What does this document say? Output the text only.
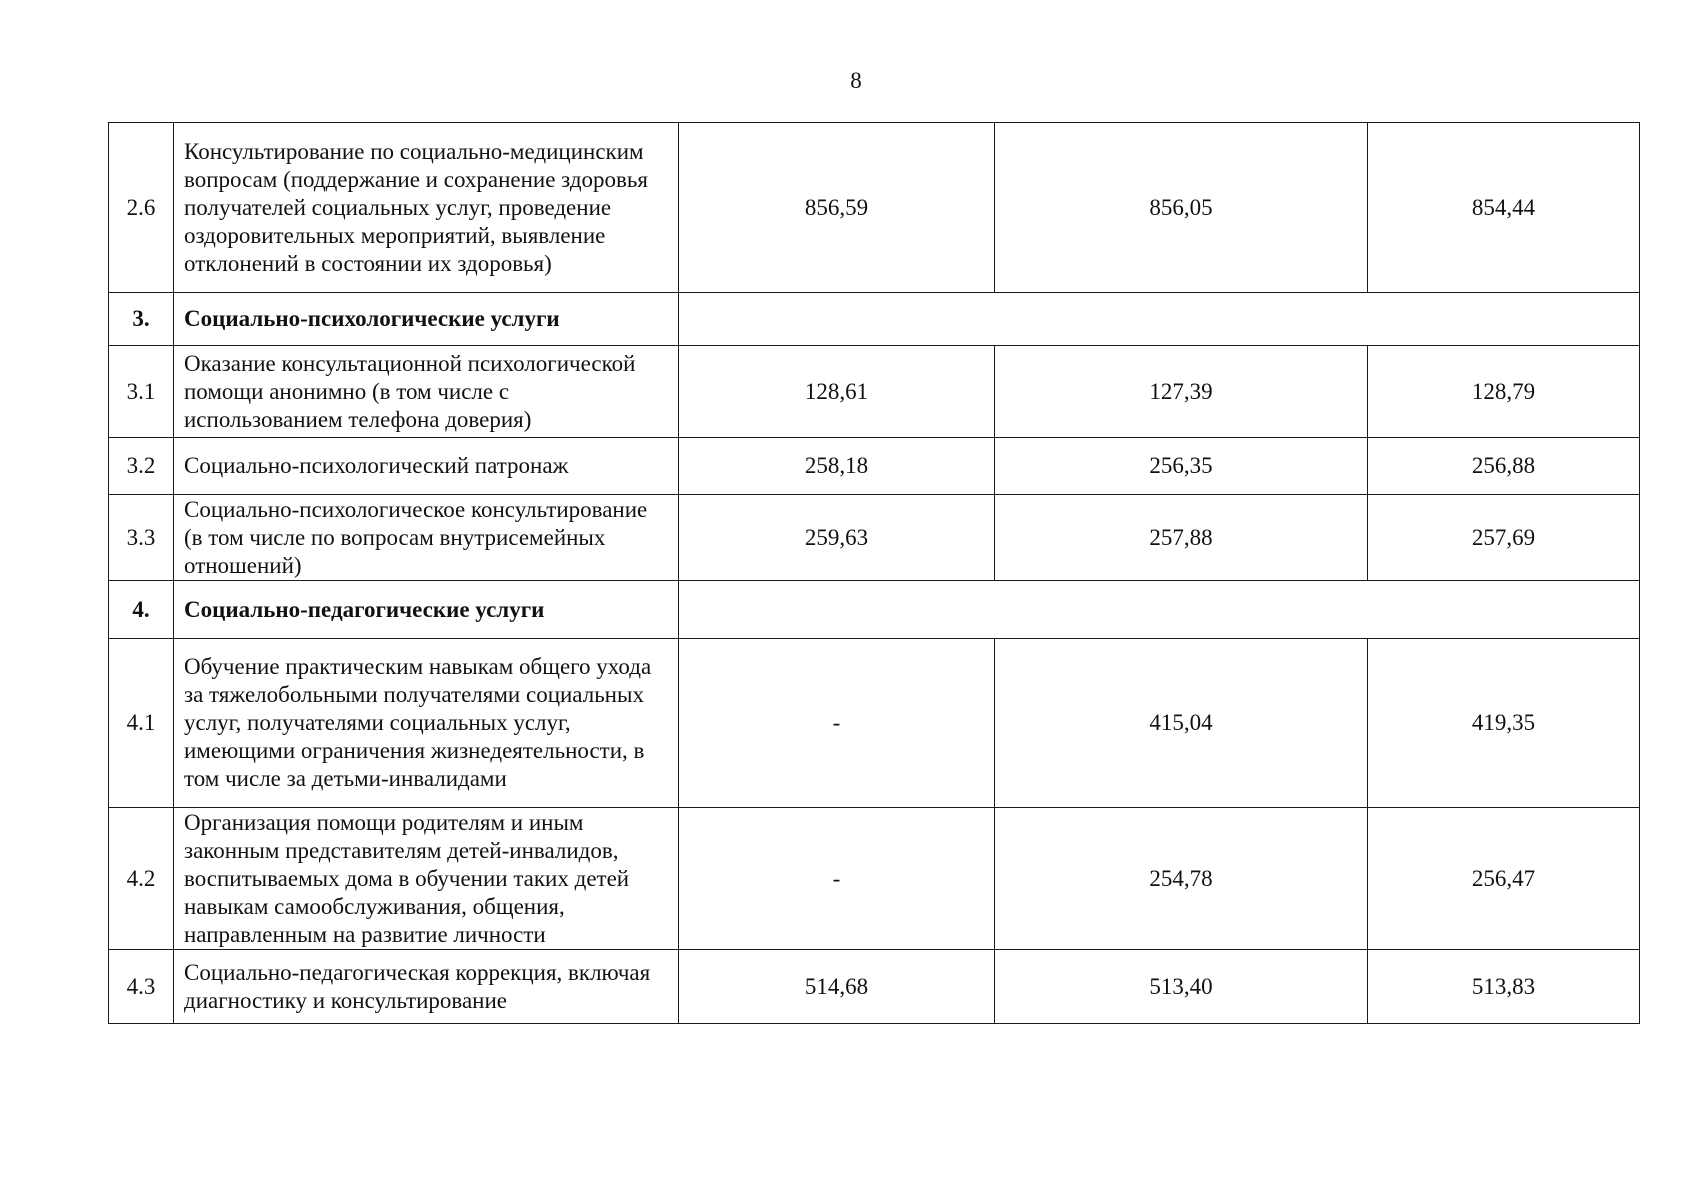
8
2.6	Консультирование по социально-медицинским вопросам (поддержание и сохранение здоровья получателей социальных услуг, проведение оздоровительных мероприятий, выявление отклонений в состоянии их здоровья)	856,59	856,05	854,44
3.	Социально-психологические услуги			
3.1	Оказание консультационной психологической помощи анонимно (в том числе с использованием телефона доверия)	128,61	127,39	128,79
3.2	Социально-психологический патронаж	258,18	256,35	256,88
3.3	Социально-психологическое консультирование (в том числе по вопросам внутрисемейных отношений)	259,63	257,88	257,69
4.	Социально-педагогические услуги			
4.1	Обучение практическим навыкам общего ухода за тяжелобольными получателями социальных услуг, получателями социальных услуг, имеющими ограничения жизнедеятельности, в том числе за детьми-инвалидами	-	415,04	419,35
4.2	Организация помощи родителям и иным законным представителям детей-инвалидов, воспитываемых дома в обучении таких детей навыкам самообслуживания, общения, направленным на развитие личности	-	254,78	256,47
4.3	Социально-педагогическая коррекция, включая диагностику и консультирование	514,68	513,40	513,83
